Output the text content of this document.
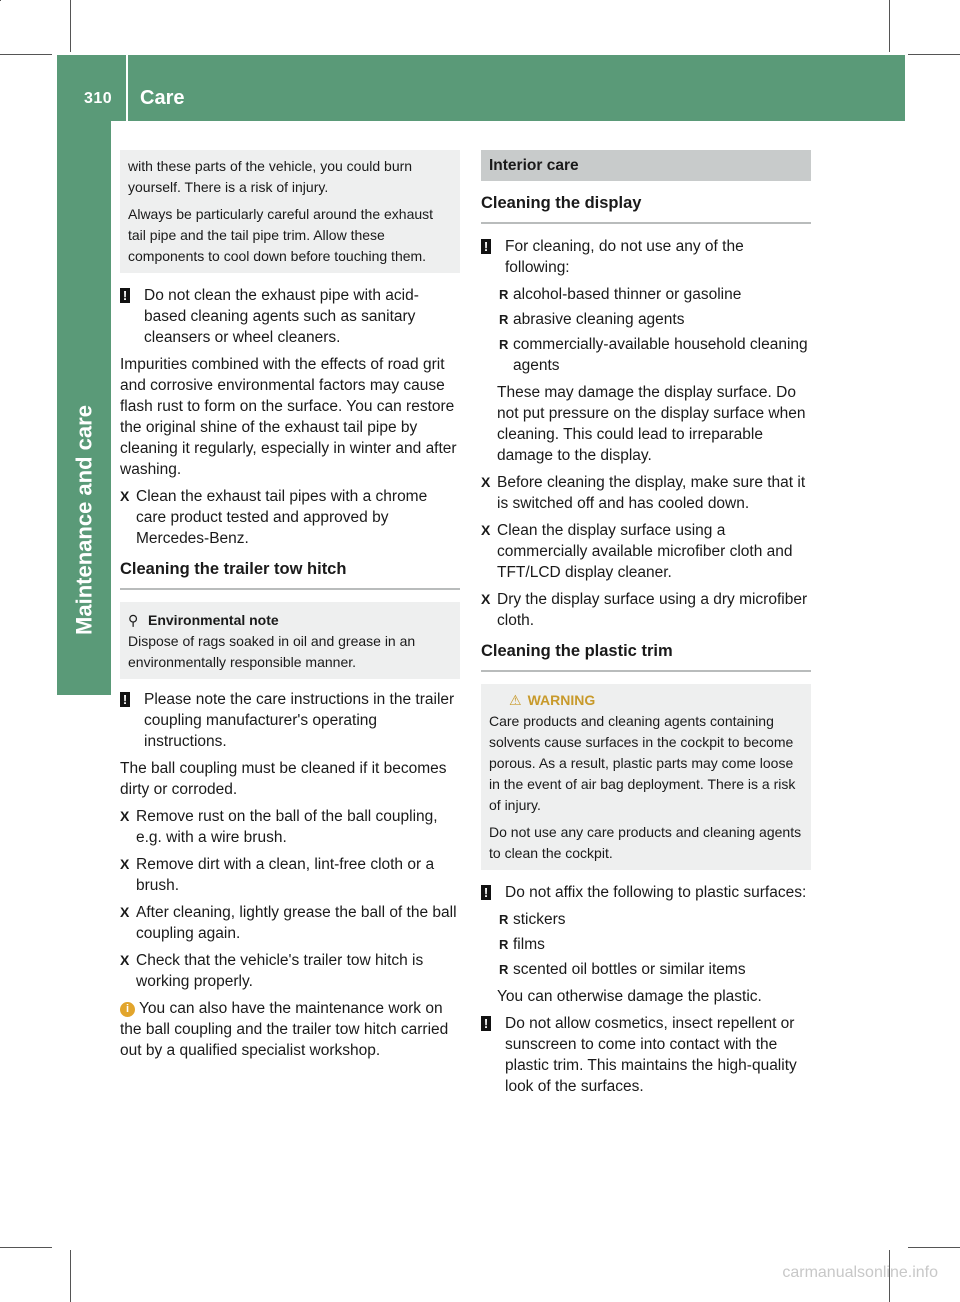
310 Care
Maintenance and care

with these parts of the vehicle, you could burn yourself. There is a risk of injury.

Always be particularly careful around the exhaust tail pipe and the tail pipe trim. Allow these components to cool down before touching them.

!	Do not clean the exhaust pipe with acid-based cleaning agents such as sanitary cleansers or wheel cleaners.

Impurities combined with the effects of road grit and corrosive environmental factors may cause flash rust to form on the surface. You can restore the original shine of the exhaust tail pipe by cleaning it regularly, especially in winter and after washing.

X Clean the exhaust tail pipes with a chrome care product tested and approved by Mercedes-Benz.
Cleaning the trailer tow hitch
⚲ Environmental note

Dispose of rags soaked in oil and grease in an environmentally responsible manner.

!	Please note the care instructions in the trailer coupling manufacturer's operating instructions.

The ball coupling must be cleaned if it becomes dirty or corroded.

X Remove rust on the ball of the ball coupling, e.g. with a wire brush.
X Remove dirt with a clean, lint-free cloth or a brush.
X After cleaning, lightly grease the ball of the ball coupling again.
X Check that the vehicle's trailer tow hitch is working properly.

i You can also have the maintenance work on the ball coupling and the trailer tow hitch carried out by a qualified specialist workshop.

Interior care
Cleaning the display
!	For cleaning, do not use any of the following:
R alcohol-based thinner or gasoline
R abrasive cleaning agents
R commercially-available household cleaning agents

These may damage the display surface. Do not put pressure on the display surface when cleaning. This could lead to irreparable damage to the display.

X Before cleaning the display, make sure that it is switched off and has cooled down.
X Clean the display surface using a commercially available microfiber cloth and TFT/LCD display cleaner.
X Dry the display surface using a dry microfiber cloth.
Cleaning the plastic trim
⚠ WARNING

Care products and cleaning agents containing solvents cause surfaces in the cockpit to become porous. As a result, plastic parts may come loose in the event of air bag deployment. There is a risk of injury.

Do not use any care products and cleaning agents to clean the cockpit.

!	Do not affix the following to plastic surfaces:
R stickers
R films
R scented oil bottles or similar items

You can otherwise damage the plastic.

!	Do not allow cosmetics, insect repellent or sunscreen to come into contact with the plastic trim. This maintains the high-quality look of the surfaces.
carmanualsonline.info
